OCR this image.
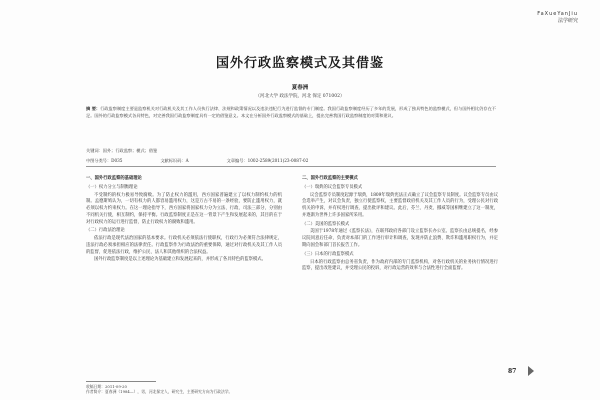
FaXueYanJiu
法学研究
国外行政监察模式及其借鉴
夏春洲
（河北大学 政法学院，河北 保定 071002）
摘 要：行政监察制度主要是监察机关对行政机关及其工作人员执行法律、法规和政策情况以及违法违纪行为进行监督的专门制度。我国行政监察制度经历了多年的发展，形成了独具特色的监察模式，但与国外相比仍存在不足。国外的行政监察模式各具特色，对完善我国行政监察制度具有一定的借鉴意义。本文在分析国外行政监察模式的基础上，提出完善我国行政监察制度的对策和建议。
关键词：国外；行政监察；模式；借鉴
中图分类号：D035	文献标识码：A	文章编号：1002-2589(2011)23-0087-02
一、国外行政监察的基础理论
（一）权力分立与制衡理论

不受制约的权力极易导致腐败。为了防止权力的滥用，西方国家普遍建立了以权力制约权力的机制。孟德斯鸠认为，一切有权力的人都容易滥用权力，这是万古不易的一条经验，要防止滥用权力，就必须以权力约束权力。在这一理论指导下，西方国家将国家权力分为立法、行政、司法三部分，分别由不同机关行使，相互制约，保持平衡。行政监察制度正是在这一背景下产生和发展起来的，其目的在于对行政权力的运行进行监督，防止行政权力的腐败和滥用。

（二）行政法治理论

依法行政是现代法治国家的基本要求。行政机关必须依法行使职权，行政行为必须符合法律规定，违法行政必须承担相应的法律责任。行政监察作为行政法治的重要保障，通过对行政机关及其工作人员的监督，促进依法行政，维护公民、法人和其他组织的合法权益。

国外行政监察制度是以上述理论为基础建立和发展起来的，并形成了各具特色的监察模式。

二、国外行政监察的主要模式
（一）瑞典的议会监察专员模式

议会监察专员制度起源于瑞典，1809年瑞典宪法正式确立了议会监察专员制度。议会监察专员由议会选举产生，对议会负责，独立行使监察权，主要监督政府机关及其工作人员的行为，受理公民对行政机关的申诉，并有权进行调查、提出批评和建议。此后，芬兰、丹麦、挪威等国相继建立了这一制度，并逐渐为世界上许多国家所采用。

（二）美国的监察长模式

美国于1978年通过《监察长法》，在联邦政府各部门设立监察长办公室。监察长由总统提名，经参议院同意后任命，负责对本部门的工作进行审计和调查，发现并防止浪费、欺诈和滥用职权行为，并定期向国会和部门首长报告工作。

（三）日本的行政监察模式

日本的行政监察由总务省负责，作为政府内部的专门监察机构，对各行政机关的业务执行情况进行监察，提出改进建议，并受理公民的投诉，对行政运营的效率与合法性进行全面监督。

收稿日期：2011-09-20
作者简介：夏春洲（1984—），男，河北保定人，研究生，主要研究方向为行政法学。
87
